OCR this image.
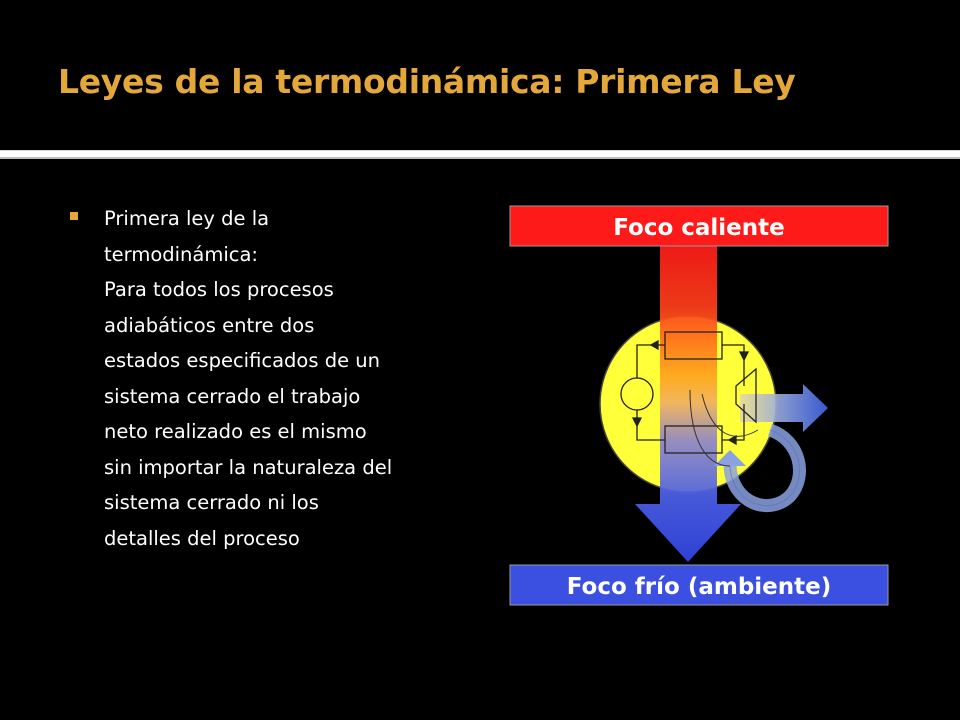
Leyes de la termodinámica: Primera Ley
Primera ley de la
termodinámica:
Para todos los procesos
adiabáticos entre dos
estados especificados de un
sistema cerrado el trabajo
neto realizado es el mismo
sin importar la naturaleza del
sistema cerrado ni los
detalles del proceso
Foco caliente
Foco frío (ambiente)
|Q_c|
|W|
|Q_f|
